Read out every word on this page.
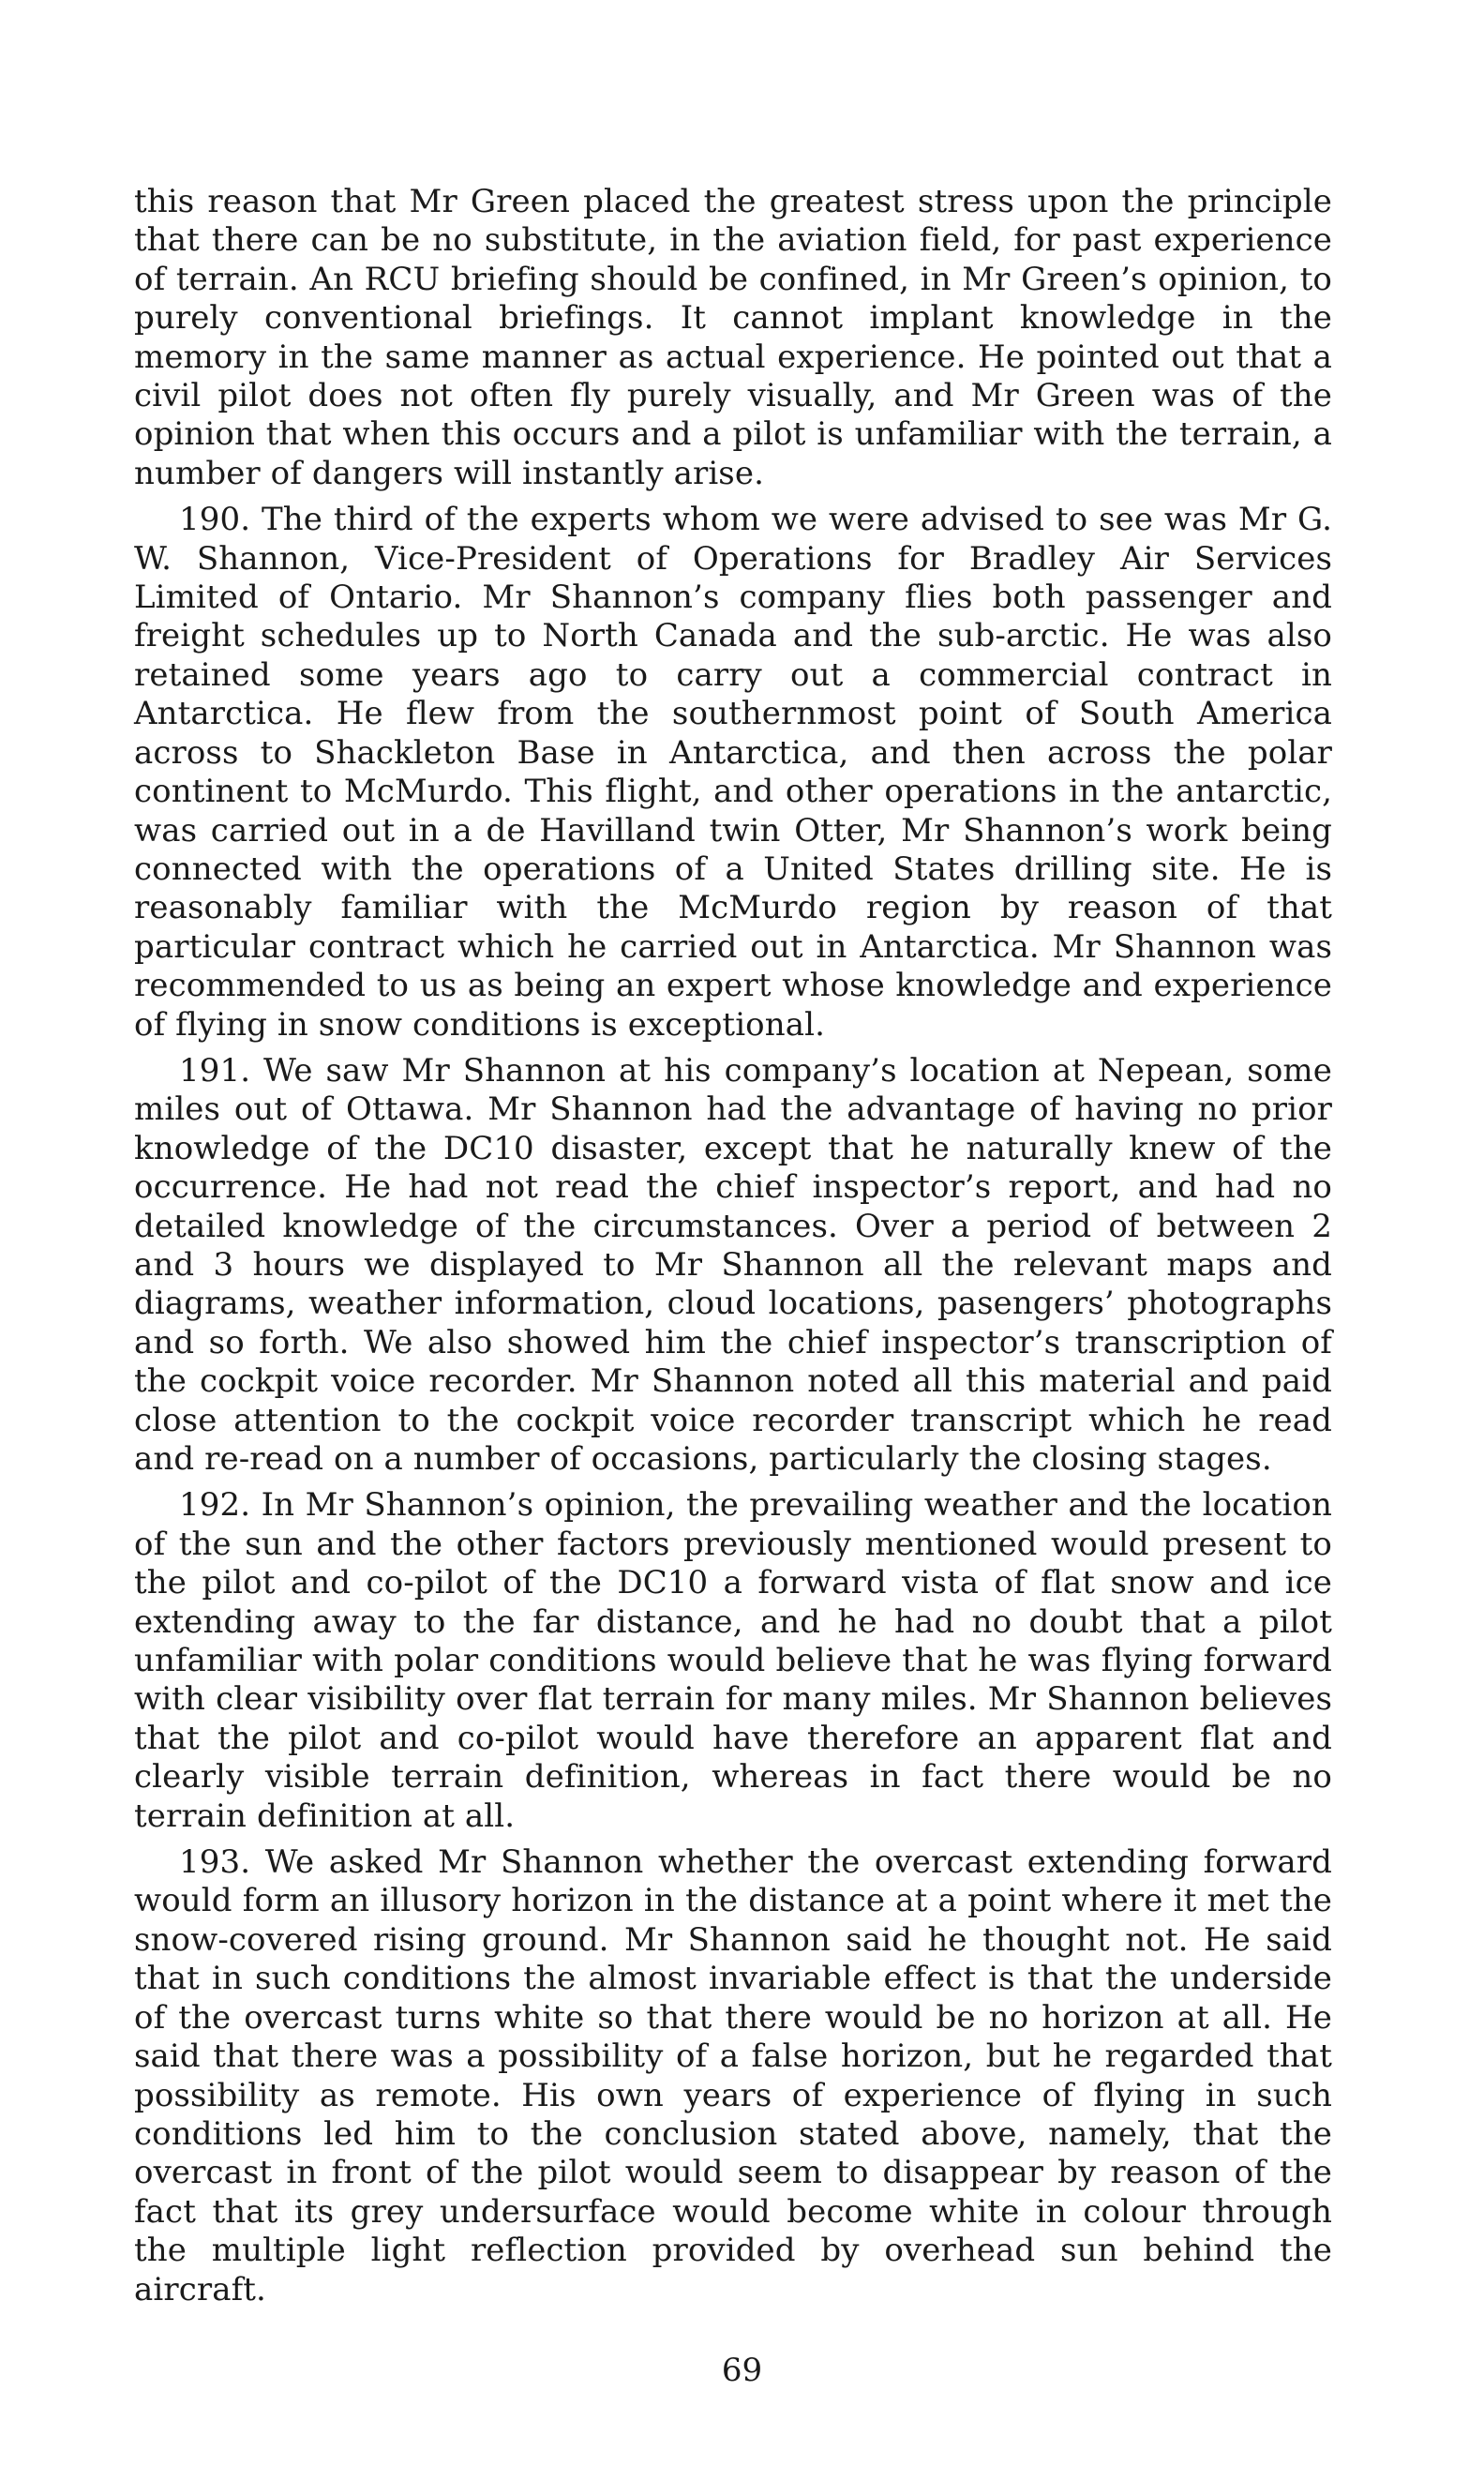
this reason that Mr Green placed the greatest stress upon the principle that there can be no substitute, in the aviation field, for past experience of terrain. An RCU briefing should be confined, in Mr Green’s opinion, to purely conventional briefings. It cannot implant knowledge in the memory in the same manner as actual experience. He pointed out that a civil pilot does not often fly purely visually, and Mr Green was of the opinion that when this occurs and a pilot is unfamiliar with the terrain, a number of dangers will instantly arise.

190. The third of the experts whom we were advised to see was Mr G. W. Shannon, Vice-President of Operations for Bradley Air Services Limited of Ontario. Mr Shannon’s company flies both passenger and freight schedules up to North Canada and the sub-arctic. He was also retained some years ago to carry out a commercial contract in Antarctica. He flew from the southernmost point of South America across to Shackleton Base in Antarctica, and then across the polar continent to McMurdo. This flight, and other operations in the antarctic, was carried out in a de Havilland twin Otter, Mr Shannon’s work being connected with the operations of a United States drilling site. He is reasonably familiar with the McMurdo region by reason of that particular contract which he carried out in Antarctica. Mr Shannon was recommended to us as being an expert whose knowledge and experience of flying in snow conditions is exceptional.

191. We saw Mr Shannon at his company’s location at Nepean, some miles out of Ottawa. Mr Shannon had the advantage of having no prior knowledge of the DC10 disaster, except that he naturally knew of the occurrence. He had not read the chief inspector’s report, and had no detailed knowledge of the circumstances. Over a period of between 2 and 3 hours we displayed to Mr Shannon all the relevant maps and diagrams, weather information, cloud locations, pasengers’ photographs and so forth. We also showed him the chief inspector’s transcription of the cockpit voice recorder. Mr Shannon noted all this material and paid close attention to the cockpit voice recorder transcript which he read and re-read on a number of occasions, particularly the closing stages.

192. In Mr Shannon’s opinion, the prevailing weather and the location of the sun and the other factors previously mentioned would present to the pilot and co-pilot of the DC10 a forward vista of flat snow and ice extending away to the far distance, and he had no doubt that a pilot unfamiliar with polar conditions would believe that he was flying forward with clear visibility over flat terrain for many miles. Mr Shannon believes that the pilot and co-pilot would have therefore an apparent flat and clearly visible terrain definition, whereas in fact there would be no terrain definition at all.

193. We asked Mr Shannon whether the overcast extending forward would form an illusory horizon in the distance at a point where it met the snow-covered rising ground. Mr Shannon said he thought not. He said that in such conditions the almost invariable effect is that the underside of the overcast turns white so that there would be no horizon at all. He said that there was a possibility of a false horizon, but he regarded that possibility as remote. His own years of experience of flying in such conditions led him to the conclusion stated above, namely, that the overcast in front of the pilot would seem to disappear by reason of the fact that its grey undersurface would become white in colour through the multiple light reflection provided by overhead sun behind the aircraft.

69
